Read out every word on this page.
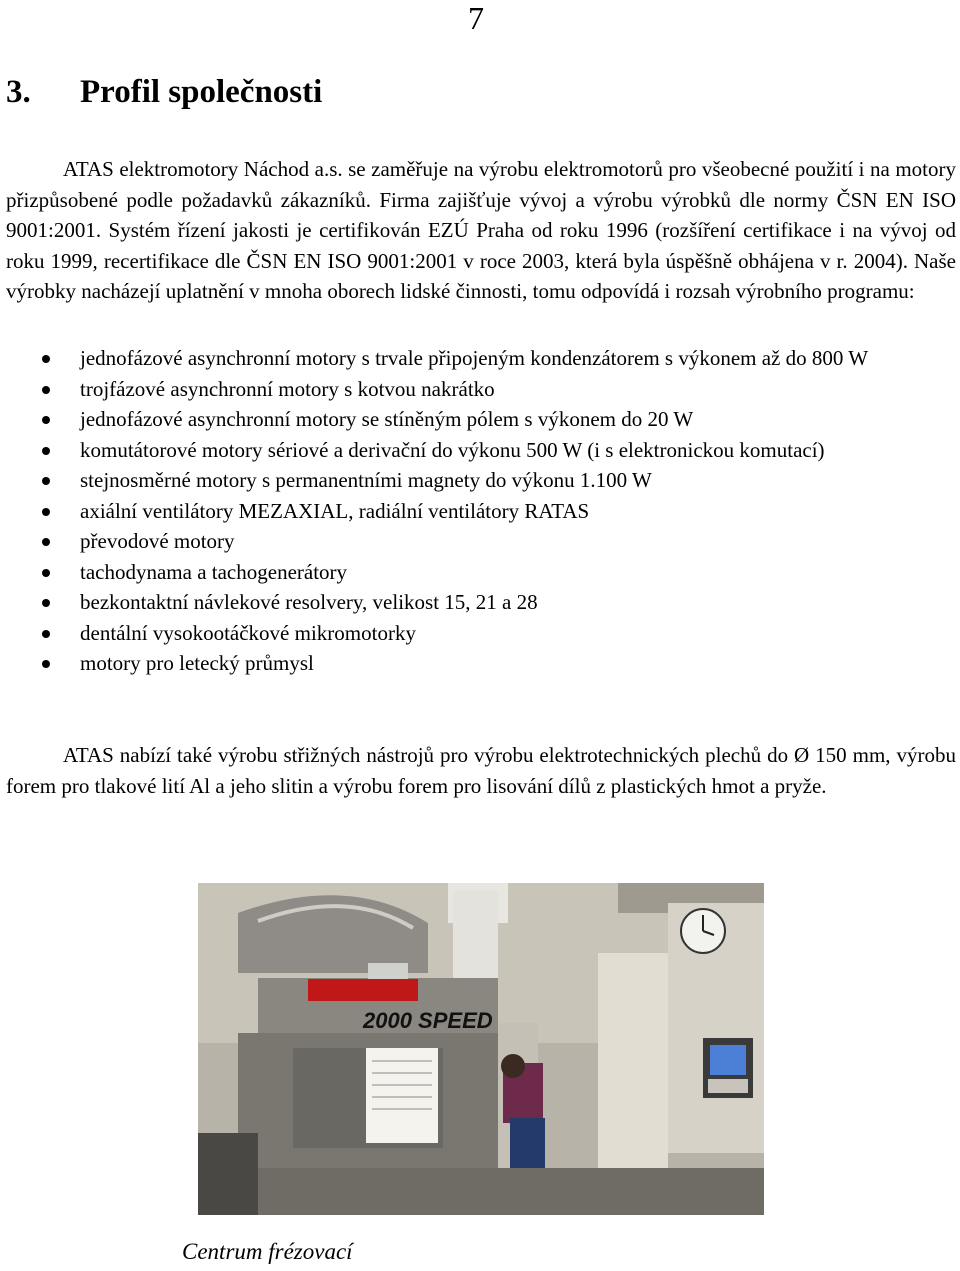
7
3.	Profil společnosti
ATAS elektromotory Náchod a.s. se zaměřuje na výrobu elektromotorů pro všeobecné použití i na motory přizpůsobené podle požadavků zákazníků. Firma zajišťuje vývoj a výrobu výrobků dle normy ČSN EN ISO 9001:2001. Systém řízení jakosti je certifikován EZÚ Praha od roku 1996 (rozšíření certifikace i na vývoj od roku 1999, recertifikace dle ČSN EN ISO 9001:2001 v roce 2003, která byla úspěšně obhájena v r. 2004). Naše výrobky nacházejí uplatnění v mnoha oborech lidské činnosti, tomu odpovídá i rozsah výrobního programu:
jednofázové asynchronní motory s trvale připojeným kondenzátorem s výkonem až do 800 W
trojfázové asynchronní motory s kotvou nakrátko
jednofázové asynchronní motory se stíněným pólem s výkonem do 20 W
komutátorové motory sériové a derivační do výkonu 500 W (i s elektronickou komutací)
stejnosměrné motory s permanentními magnety do výkonu 1.100 W
axiální ventilátory MEZAXIAL, radiální ventilátory RATAS
převodové motory
tachodynama a tachogenerátory
bezkontaktní návlekové resolvery, velikost 15, 21 a 28
dentální vysokootáčkové mikromotorky
motory pro letecký průmysl
ATAS nabízí také výrobu střižných nástrojů pro výrobu elektrotechnických plechů do Ø 150 mm, výrobu forem pro tlakové lití Al a jeho slitin a výrobu forem pro lisování dílů z plastických hmot a pryže.
2000 SPEED
Centrum frézovací
